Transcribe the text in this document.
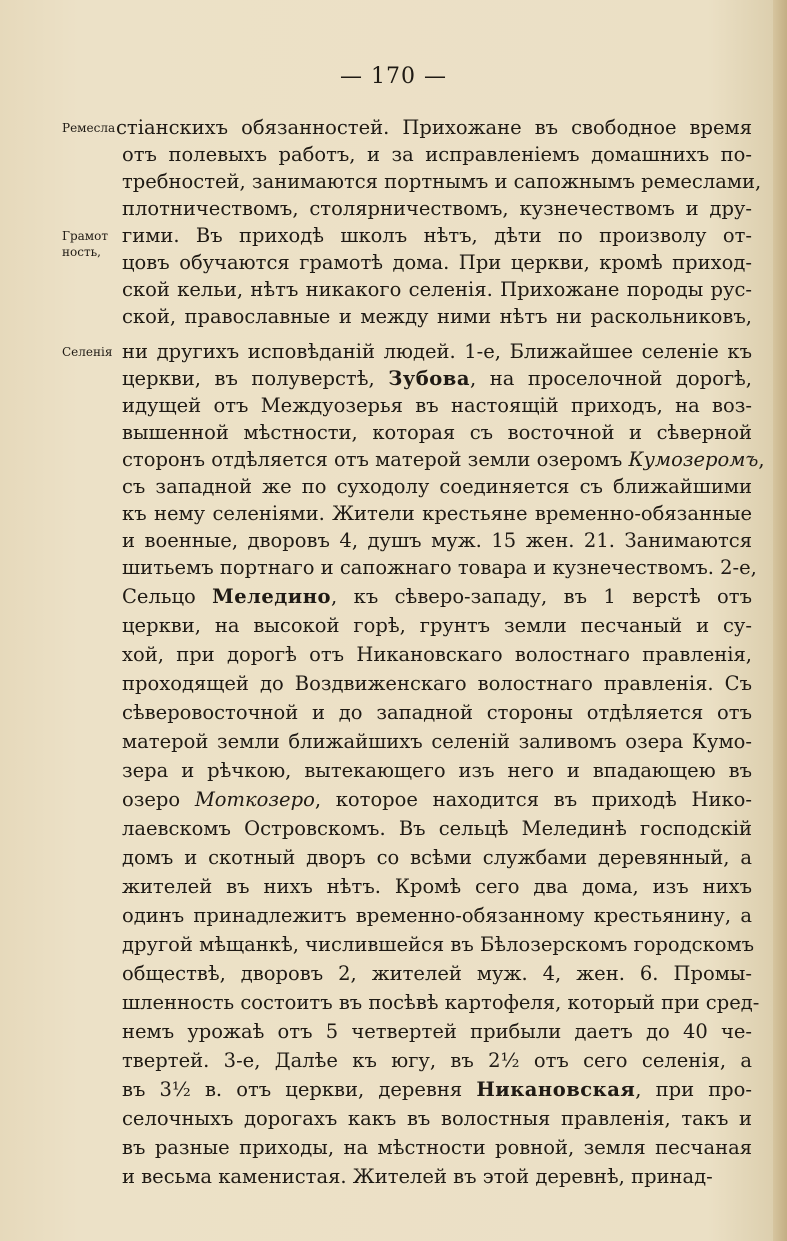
— 170 —
Ремесла
Грамот
ность,
Селенія
стіанскихъ обязанностей. Прихожане въ свободное время
отъ полевыхъ работъ, и за исправленіемъ домашнихъ по-
требностей, занимаются портнымъ и сапожнымъ ремеслами,
плотничествомъ, столярничествомъ, кузнечествомъ и дру-
гими. Въ приходѣ школъ нѣтъ, дѣти по произволу от-
цовъ обучаются грамотѣ дома. При церкви, кромѣ приход-
ской кельи, нѣтъ никакого селенія. Прихожане породы рус-
ской, православные и между ними нѣтъ ни раскольниковъ,
ни другихъ исповѣданій людей. 1-е, Ближайшее селеніе къ
церкви, въ полуверстѣ, Зубова, на проселочной дорогѣ,
идущей отъ Междуозерья въ настоящій приходъ, на воз-
вышенной мѣстности, которая съ восточной и сѣверной
сторонъ отдѣляется отъ матерой земли озеромъ Кумозеромъ,
съ западной же по суходолу соединяется съ ближайшими
къ нему селеніями. Жители крестьяне временно-обязанные
и военные, дворовъ 4, душъ муж. 15 жен. 21. Занимаются
шитьемъ портнаго и сапожнаго товара и кузнечествомъ. 2-е,
Сельцо Мелединo, къ сѣверо-западу, въ 1 верстѣ отъ
церкви, на высокой горѣ, грунтъ земли песчаный и су-
хой, при дорогѣ отъ Никановскаго волостнаго правленія,
проходящей до Воздвиженскаго волостнаго правленія. Съ
сѣверовосточной и до западной стороны отдѣляется отъ
матерой земли ближайшихъ селеній заливомъ озера Кумо-
зера и рѣчкою, вытекающего изъ него и впадающею въ
озеро Моткозеро, которое находится въ приходѣ Нико-
лаевскомъ Островскомъ. Въ сельцѣ Мелединѣ господскій
домъ и скотный дворъ со всѣми службами деревянный, а
жителей въ нихъ нѣтъ. Кромѣ сего два дома, изъ нихъ
одинъ принадлежитъ временно-обязанному крестьянину, а
другой мѣщанкѣ, числившейся въ Бѣлозерскомъ городскомъ
обществѣ, дворовъ 2, жителей муж. 4, жен. 6. Промы-
шленность состоитъ въ посѣвѣ картофеля, который при сред-
немъ урожаѣ отъ 5 четвертей прибыли даетъ до 40 че-
твертей. 3-е, Далѣе къ югу, въ 2½ отъ сего селенія, а
въ 3½ в. отъ церкви, деревня Никановская, при про-
селочныхъ дорогахъ какъ въ волостныя правленія, такъ и
въ разные приходы, на мѣстности ровной, земля песчаная
и весьма каменистая. Жителей въ этой деревнѣ, принад-
